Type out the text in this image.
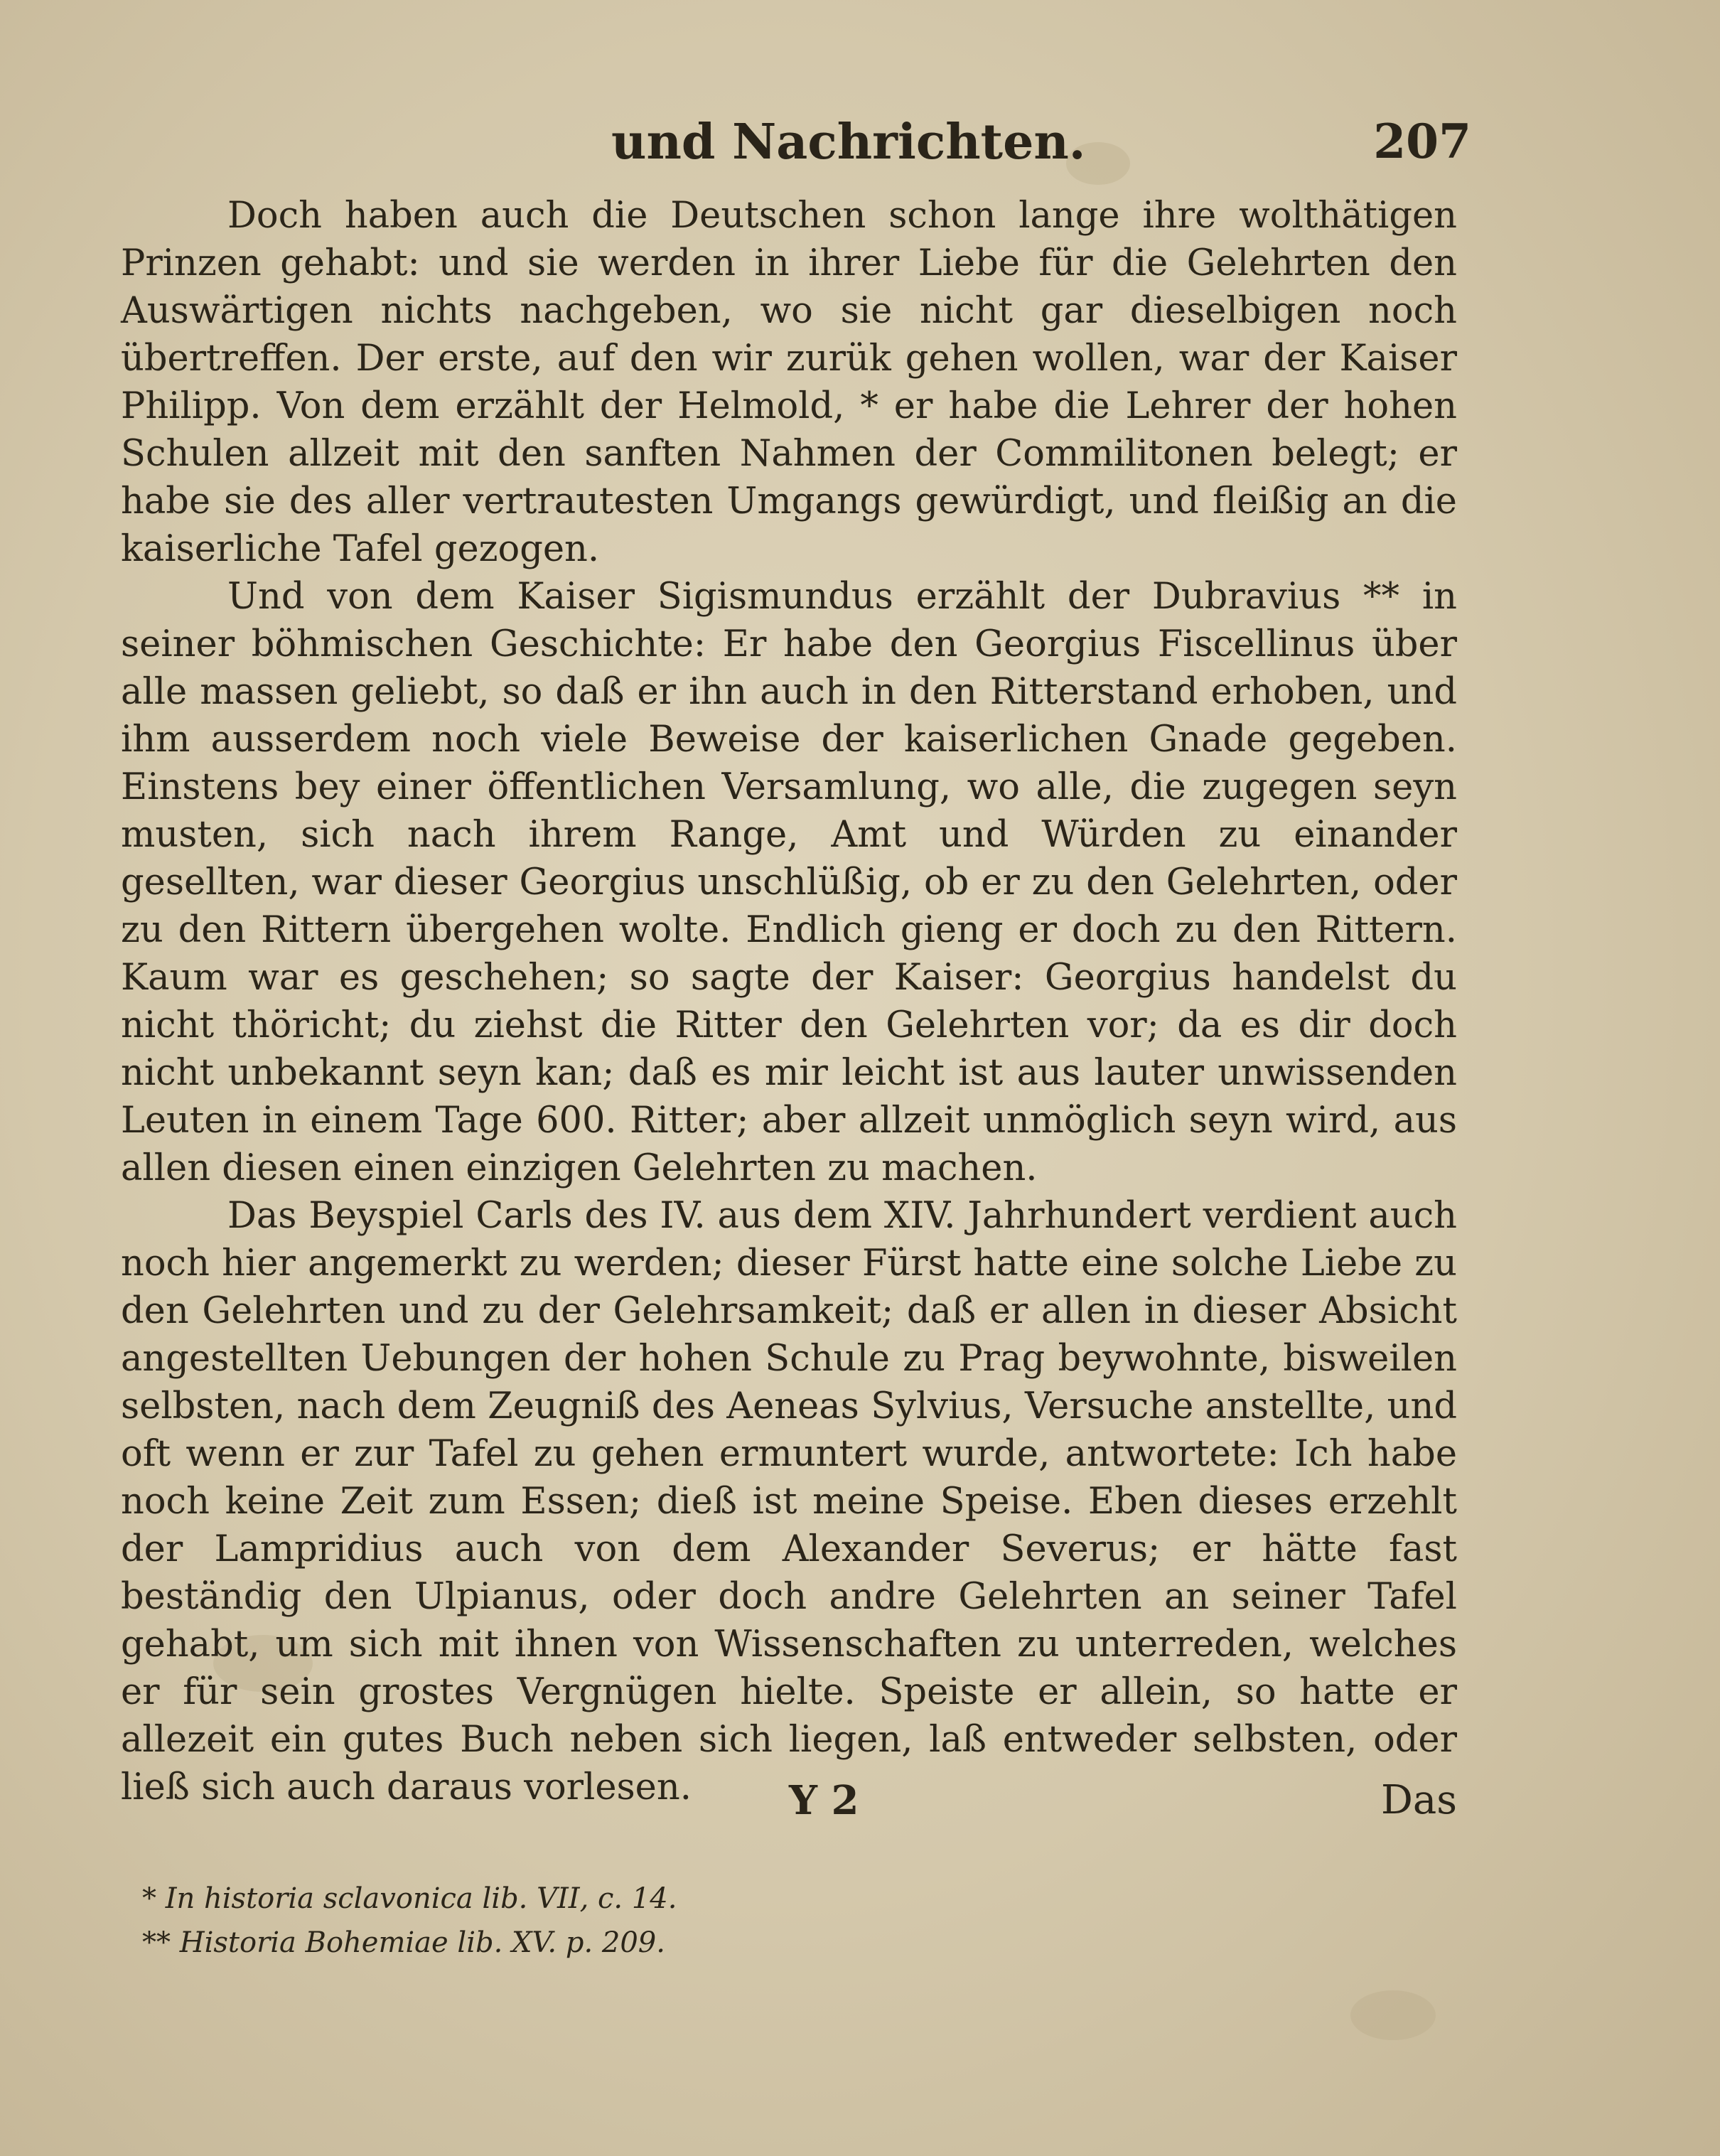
und Nachrichten.	207

Doch haben auch die Deutschen schon lange ihre wolthätigen Prinzen gehabt: und sie werden in ihrer Liebe für die Gelehrten den Auswärtigen nichts nachgeben, wo sie nicht gar dieselbigen noch übertreffen. Der erste, auf den wir zurük gehen wollen, war der Kaiser Philipp. Von dem erzählt der Helmold, * er habe die Lehrer der hohen Schulen allzeit mit den sanften Nahmen der Commilitonen belegt; er habe sie des aller vertrautesten Umgangs gewürdigt, und fleißig an die kaiserliche Tafel gezogen.

Und von dem Kaiser Sigismundus erzählt der Dubravius ** in seiner böhmischen Geschichte: Er habe den Georgius Fiscellinus über alle massen geliebt, so daß er ihn auch in den Ritterstand erhoben, und ihm ausserdem noch viele Beweise der kaiserlichen Gnade gegeben. Einstens bey einer öffentlichen Versamlung, wo alle, die zugegen seyn musten, sich nach ihrem Range, Amt und Würden zu einander gesellten, war dieser Georgius unschlüßig, ob er zu den Gelehrten, oder zu den Rittern übergehen wolte. Endlich gieng er doch zu den Rittern. Kaum war es geschehen; so sagte der Kaiser: Georgius handelst du nicht thöricht; du ziehst die Ritter den Gelehrten vor; da es dir doch nicht unbekannt seyn kan; daß es mir leicht ist aus lauter unwissenden Leuten in einem Tage 600. Ritter; aber allzeit unmöglich seyn wird, aus allen diesen einen einzigen Gelehrten zu machen.

Das Beyspiel Carls des IV. aus dem XIV. Jahrhundert verdient auch noch hier angemerkt zu werden; dieser Fürst hatte eine solche Liebe zu den Gelehrten und zu der Gelehrsamkeit; daß er allen in dieser Absicht angestellten Uebungen der hohen Schule zu Prag beywohnte, bisweilen selbsten, nach dem Zeugniß des Aeneas Sylvius, Versuche anstellte, und oft wenn er zur Tafel zu gehen ermuntert wurde, antwortete: Ich habe noch keine Zeit zum Essen; dieß ist meine Speise. Eben dieses erzehlt der Lampridius auch von dem Alexander Severus; er hätte fast beständig den Ulpianus, oder doch andre Gelehrten an seiner Tafel gehabt, um sich mit ihnen von Wissenschaften zu unterreden, welches er für sein grostes Vergnügen hielte. Speiste er allein, so hatte er allezeit ein gutes Buch neben sich liegen, laß entweder selbsten, oder ließ sich auch daraus vorlesen.	Y 2	Das
* In historia sclavonica lib. VII, c. 14.
** Historia Bohemiae lib. XV. p. 209.
